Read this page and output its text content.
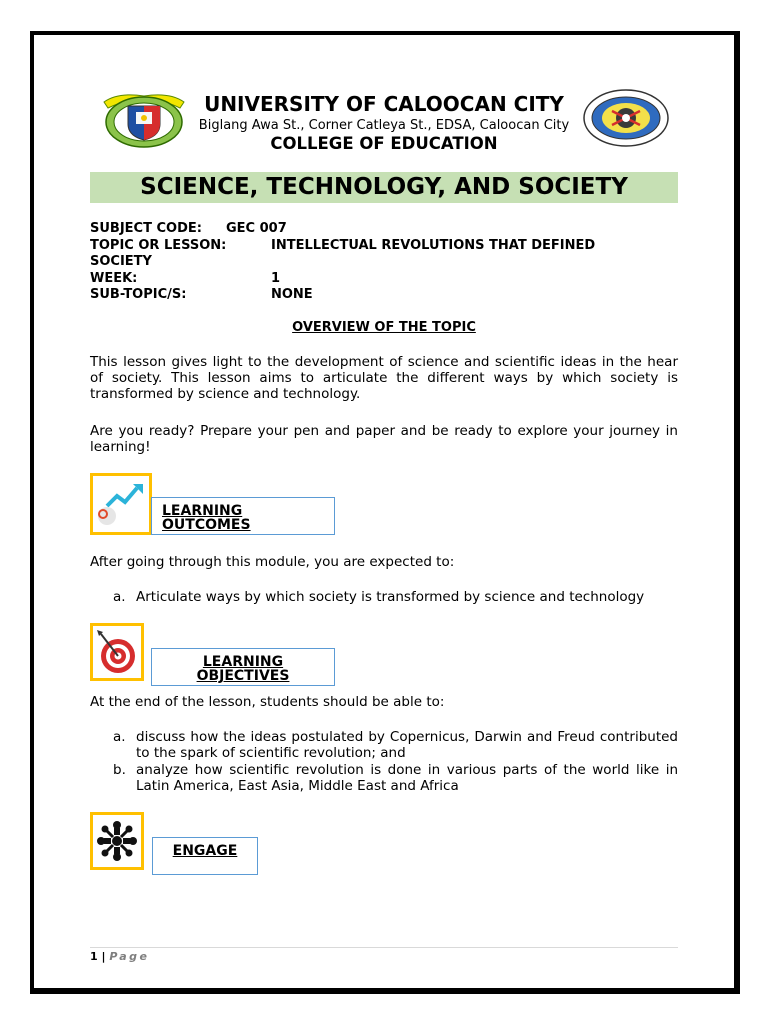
UNIVERSITY OF CALOOCAN CITY
Biglang Awa St., Corner Catleya St., EDSA, Caloocan City
COLLEGE OF EDUCATION
SCIENCE, TECHNOLOGY, AND SOCIETY
SUBJECT CODE: GEC 007
TOPIC OR LESSON:	INTELLECTUAL REVOLUTIONS THAT DEFINED
SOCIETY
WEEK:	1
SUB-TOPIC/S:	NONE
OVERVIEW OF THE TOPIC
This lesson gives light to the development of science and scientific ideas in the hear of society. This lesson aims to articulate the different ways by which society is transformed by science and technology.
Are you ready? Prepare your pen and paper and be ready to explore your journey in learning!
LEARNING
OUTCOMES
After going through this module, you are expected to:
a. Articulate ways by which society is transformed by science and technology
LEARNING
OBJECTIVES
At the end of the lesson, students should be able to:
a. discuss how the ideas postulated by Copernicus, Darwin and Freud contributed to the spark of scientific revolution; and
b. analyze how scientific revolution is done in various parts of the world like in Latin America, East Asia, Middle East and Africa
ENGAGE
1 | Page
